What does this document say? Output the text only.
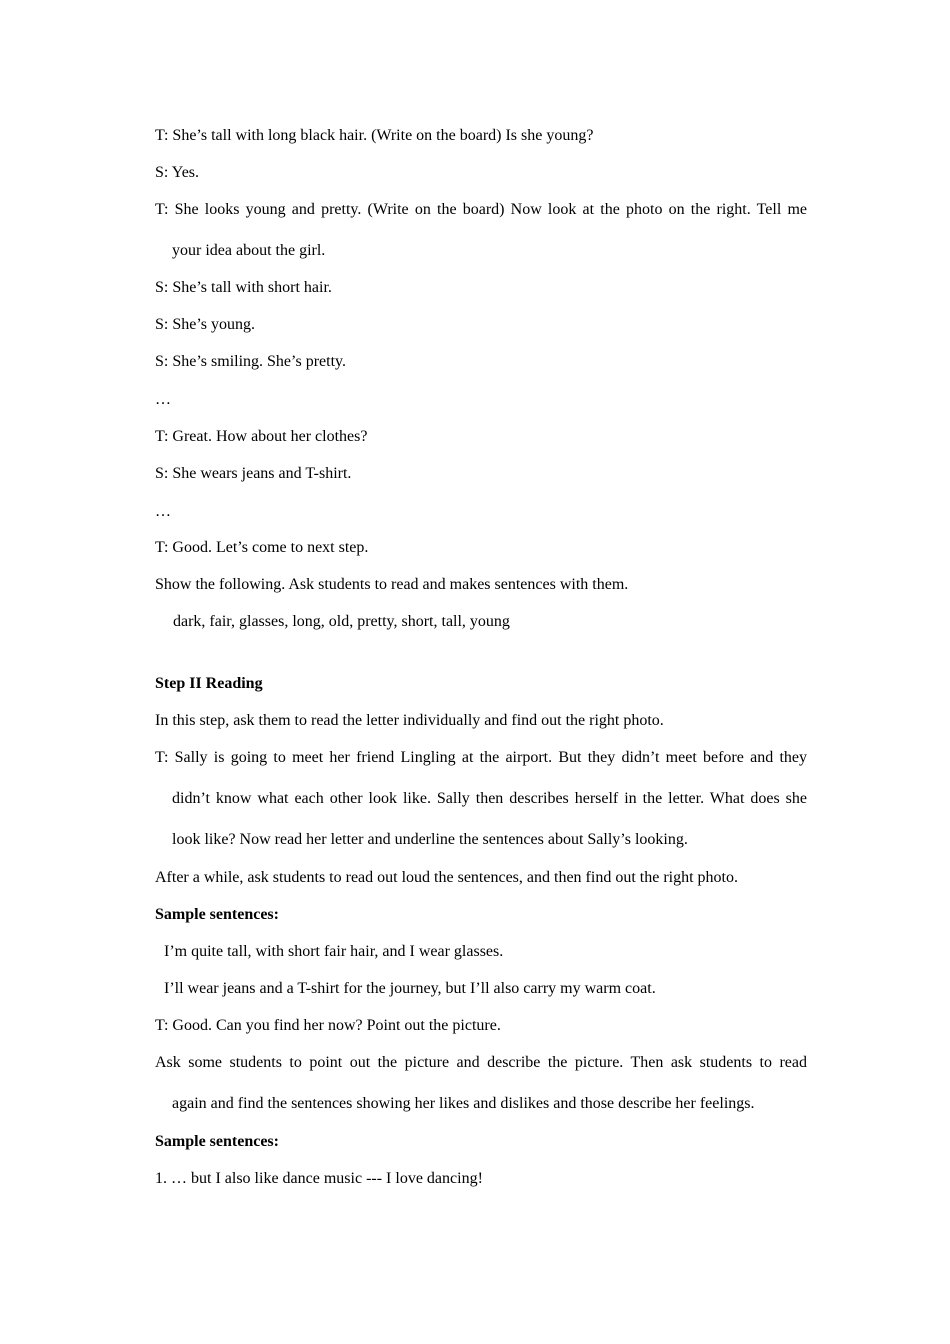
T: She’s tall with long black hair. (Write on the board) Is she young?
S: Yes.
T: She looks young and pretty. (Write on the board) Now look at the photo on the right. Tell me
your idea about the girl.
S: She’s tall with short hair.
S: She’s young.
S: She’s smiling. She’s pretty.
…
T: Great. How about her clothes?
S: She wears jeans and T-shirt.
…
T: Good. Let’s come to next step.
Show the following. Ask students to read and makes sentences with them.
dark, fair, glasses, long, old, pretty, short, tall, young
Step II Reading
In this step, ask them to read the letter individually and find out the right photo.
T: Sally is going to meet her friend Lingling at the airport. But they didn’t meet before and they
didn’t know what each other look like. Sally then describes herself in the letter. What does she
look like? Now read her letter and underline the sentences about Sally’s looking.
After a while, ask students to read out loud the sentences, and then find out the right photo.
Sample sentences:
I’m quite tall, with short fair hair, and I wear glasses.
I’ll wear jeans and a T-shirt for the journey, but I’ll also carry my warm coat.
T: Good. Can you find her now? Point out the picture.
Ask some students to point out the picture and describe the picture. Then ask students to read
again and find the sentences showing her likes and dislikes and those describe her feelings.
Sample sentences:
1. … but I also like dance music --- I love dancing!
